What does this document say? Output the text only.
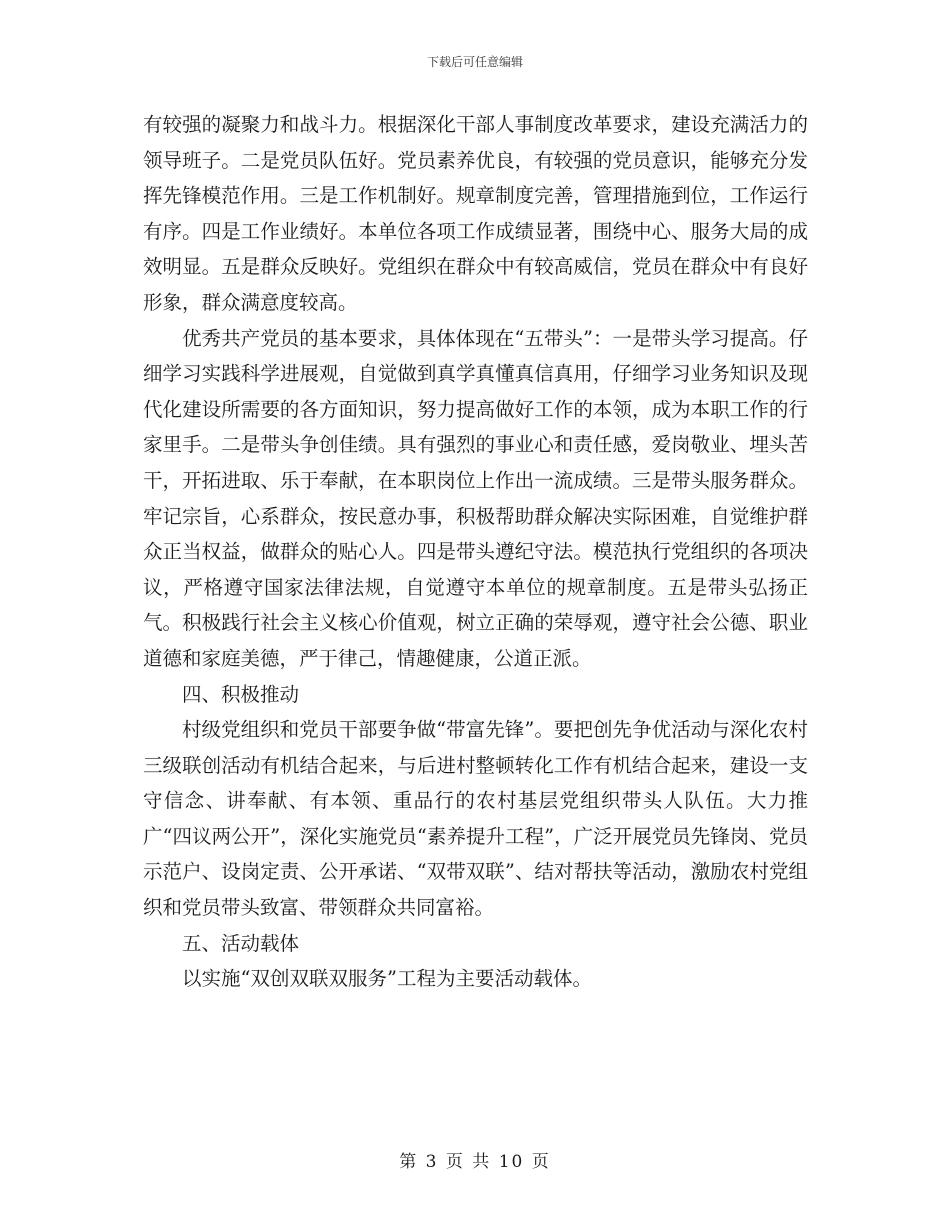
下载后可任意编辑

有较强的凝聚力和战斗力。根据深化干部人事制度改革要求，建设充满活力的领导班子。二是党员队伍好。党员素养优良，有较强的党员意识，能够充分发挥先锋模范作用。三是工作机制好。规章制度完善，管理措施到位，工作运行有序。四是工作业绩好。本单位各项工作成绩显著，围绕中心、服务大局的成效明显。五是群众反映好。党组织在群众中有较高威信，党员在群众中有良好形象，群众满意度较高。

优秀共产党员的基本要求，具体体现在“五带头”：一是带头学习提高。仔细学习实践科学进展观，自觉做到真学真懂真信真用，仔细学习业务知识及现代化建设所需要的各方面知识，努力提高做好工作的本领，成为本职工作的行家里手。二是带头争创佳绩。具有强烈的事业心和责任感，爱岗敬业、埋头苦干，开拓进取、乐于奉献，在本职岗位上作出一流成绩。三是带头服务群众。牢记宗旨，心系群众，按民意办事，积极帮助群众解决实际困难，自觉维护群众正当权益，做群众的贴心人。四是带头遵纪守法。模范执行党组织的各项决议，严格遵守国家法律法规，自觉遵守本单位的规章制度。五是带头弘扬正气。积极践行社会主义核心价值观，树立正确的荣辱观，遵守社会公德、职业道德和家庭美德，严于律己，情趣健康，公道正派。

四、积极推动

村级党组织和党员干部要争做“带富先锋”。要把创先争优活动与深化农村三级联创活动有机结合起来，与后进村整顿转化工作有机结合起来，建设一支守信念、讲奉献、有本领、重品行的农村基层党组织带头人队伍。大力推广“四议两公开”，深化实施党员“素养提升工程”，广泛开展党员先锋岗、党员示范户、设岗定责、公开承诺、“双带双联”、结对帮扶等活动，激励农村党组织和党员带头致富、带领群众共同富裕。

五、活动载体

以实施“双创双联双服务”工程为主要活动载体。

第 3 页 共 10 页
